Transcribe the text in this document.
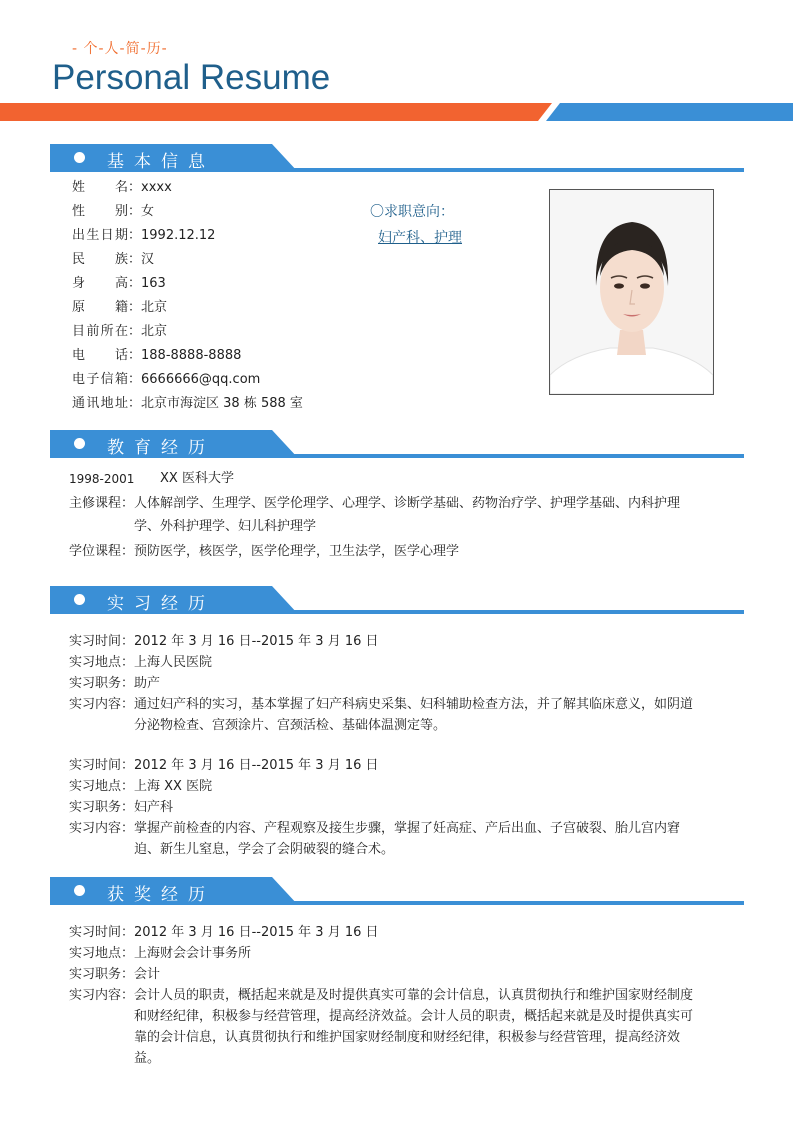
- 个-人-简-历-
Personal Resume
基本信息
姓名：xxxx
性别：女
出生日期：1992.12.12
民族：汉
身高：163
原籍：北京
目前所在：北京
电话：188-8888-8888
电子信箱：6666666@qq.com
通讯地址：北京市海淀区 38 栋 588 室
〇求职意向：
妇产科、护理
教育经历
1998-2001	XX 医科大学
主修课程： 人体解剖学、生理学、医学伦理学、心理学、诊断学基础、药物治疗学、护理学基础、内科护理学、外科护理学、妇儿科护理学
学位课程： 预防医学，核医学，医学伦理学，卫生法学，医学心理学
实习经历
实习时间： 2012 年 3 月 16 日--2015 年 3 月 16 日
实习地点： 上海人民医院
实习职务： 助产
实习内容： 通过妇产科的实习，基本掌握了妇产科病史采集、妇科辅助检查方法，并了解其临床意义，如阴道分泌物检查、宫颈涂片、宫颈活检、基础体温测定等。
实习时间： 2012 年 3 月 16 日--2015 年 3 月 16 日
实习地点： 上海 XX 医院
实习职务： 妇产科
实习内容： 掌握产前检查的内容、产程观察及接生步骤，掌握了妊高症、产后出血、子宫破裂、胎儿宫内窘迫、新生儿窒息，学会了会阴破裂的缝合术。
获奖经历
实习时间： 2012 年 3 月 16 日--2015 年 3 月 16 日
实习地点： 上海财会会计事务所
实习职务： 会计
实习内容： 会计人员的职责，概括起来就是及时提供真实可靠的会计信息，认真贯彻执行和维护国家财经制度和财经纪律，积极参与经营管理，提高经济效益。会计人员的职责，概括起来就是及时提供真实可靠的会计信息，认真贯彻执行和维护国家财经制度和财经纪律，积极参与经营管理，提高经济效益。
